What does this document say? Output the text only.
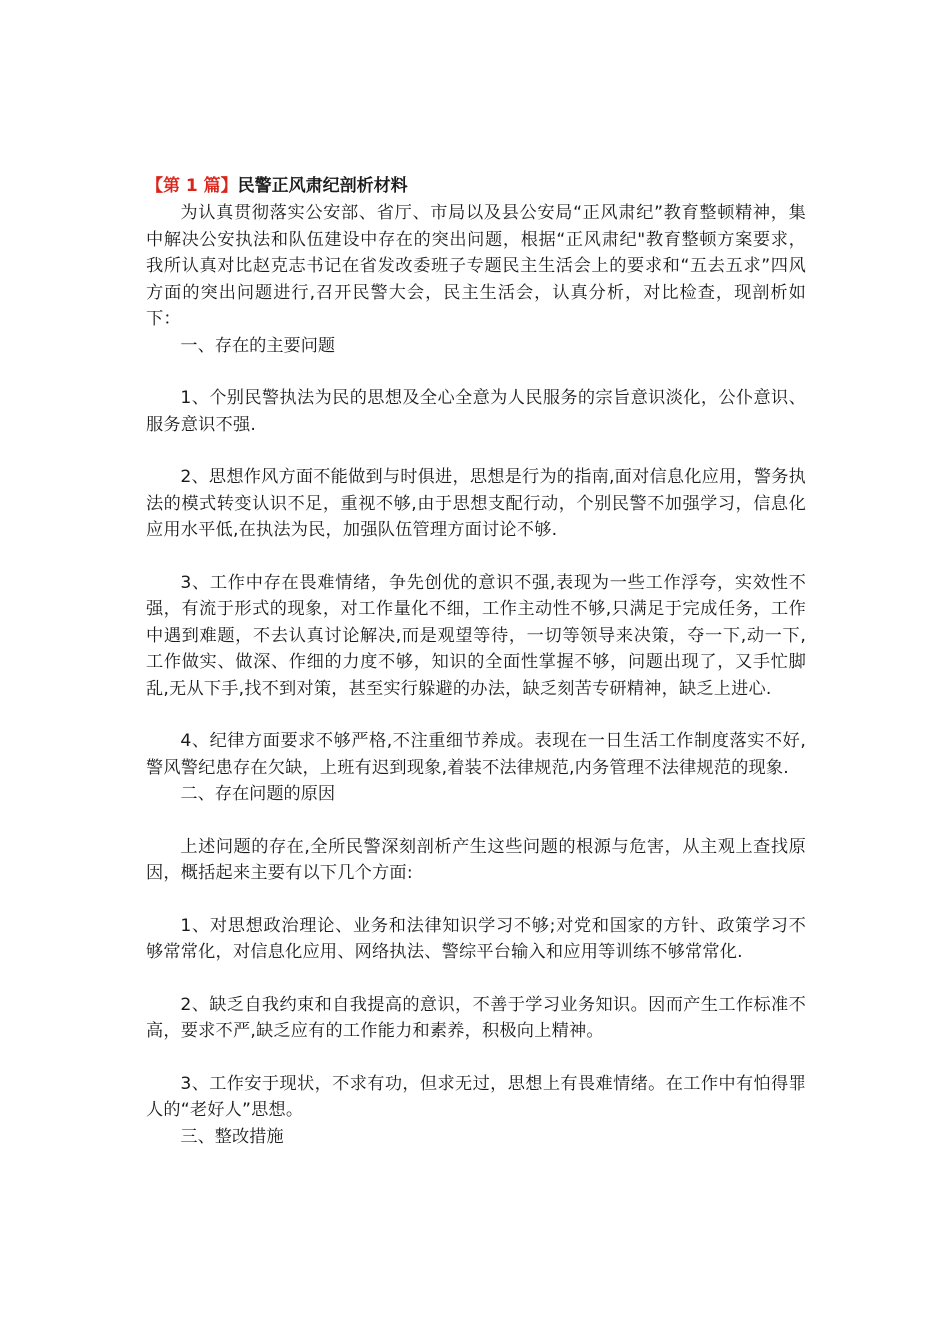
【第 1 篇】民警正风肃纪剖析材料

为认真贯彻落实公安部、省厅、市局以及县公安局“正风肃纪”教育整顿精神，集中解决公安执法和队伍建设中存在的突出问题，根据“正风肃纪"教育整顿方案要求，我所认真对比赵克志书记在省发改委班子专题民主生活会上的要求和“五去五求”四风方面的突出问题进行,召开民警大会，民主生活会，认真分析，对比检查，现剖析如下：

一、存在的主要问题

1、个别民警执法为民的思想及全心全意为人民服务的宗旨意识淡化，公仆意识、服务意识不强.

2、思想作风方面不能做到与时俱进，思想是行为的指南,面对信息化应用，警务执法的模式转变认识不足，重视不够,由于思想支配行动，个别民警不加强学习，信息化应用水平低,在执法为民，加强队伍管理方面讨论不够.

3、工作中存在畏难情绪，争先创优的意识不强,表现为一些工作浮夸，实效性不强，有流于形式的现象，对工作量化不细，工作主动性不够,只满足于完成任务，工作中遇到难题，不去认真讨论解决,而是观望等待，一切等领导来决策，夺一下,动一下,工作做实、做深、作细的力度不够，知识的全面性掌握不够，问题出现了，又手忙脚乱,无从下手,找不到对策，甚至实行躲避的办法，缺乏刻苦专研精神，缺乏上进心.

4、纪律方面要求不够严格,不注重细节养成。表现在一日生活工作制度落实不好,警风警纪患存在欠缺，上班有迟到现象,着装不法律规范,内务管理不法律规范的现象.

二、存在问题的原因

上述问题的存在,全所民警深刻剖析产生这些问题的根源与危害，从主观上查找原因，概括起来主要有以下几个方面:

1、对思想政治理论、业务和法律知识学习不够;对党和国家的方针、政策学习不够常常化，对信息化应用、网络执法、警综平台输入和应用等训练不够常常化.

2、缺乏自我约束和自我提高的意识，不善于学习业务知识。因而产生工作标准不高，要求不严,缺乏应有的工作能力和素养，积极向上精神。

3、工作安于现状，不求有功，但求无过，思想上有畏难情绪。在工作中有怕得罪人的“老好人”思想。

三、整改措施
